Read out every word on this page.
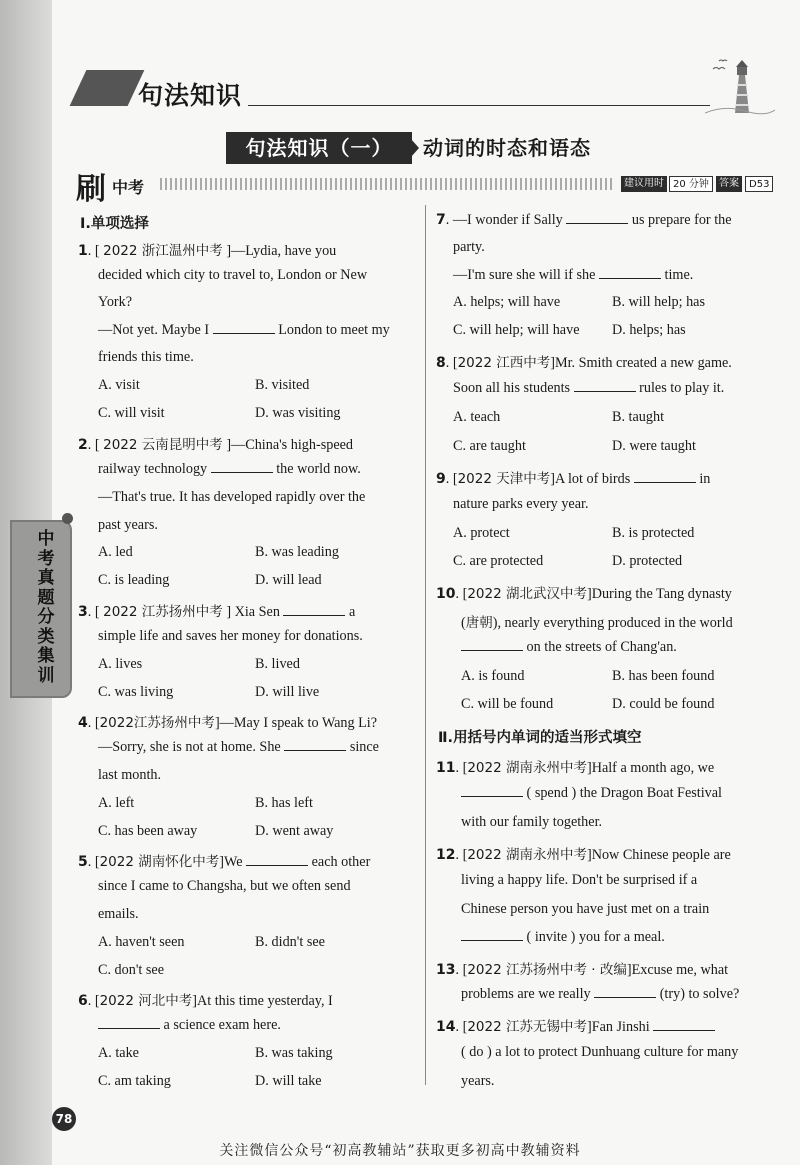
中考真题分类集训
句法知识
句法知识（一）	动词的时态和语态
刷 中考	建议用时 20 分钟	答案	D53
Ⅰ.单项选择
1. [ 2022 浙江温州中考 ]—Lydia, have you
decided which city to travel to, London or New
York?
—Not yet. Maybe I	London to meet my
friends this time.
A. visit	B. visited
C. will visit	D. was visiting
2. [ 2022 云南昆明中考 ]—China's high-speed
railway technology	the world now.
—That's true. It has developed rapidly over the
past years.
A. led	B. was leading
C. is leading	D. will lead
3. [ 2022 江苏扬州中考 ] Xia Sen	a
simple life and saves her money for donations.
A. lives	B. lived
C. was living	D. will live
4. [2022江苏扬州中考]—May I speak to Wang Li?
—Sorry, she is not at home. She	since
last month.
A. left	B. has left
C. has been away	D. went away
5. [2022 湖南怀化中考]We	each other
since I came to Changsha, but we often send
emails.
A. haven't seen	B. didn't see
C. don't see
6. [2022 河北中考]At this time yesterday, I
a science exam here.
A. take	B. was taking
C. am taking	D. will take
7. —I wonder if Sally	us prepare for the
party.
—I'm sure she will if she	time.
A. helps; will have	B. will help; has
C. will help; will have D. helps; has
8. [2022 江西中考]Mr. Smith created a new game.
Soon all his students	rules to play it.
A. teach	B. taught
C. are taught	D. were taught
9. [2022 天津中考]A lot of birds	in
nature parks every year.
A. protect	B. is protected
C. are protected	D. protected
10. [2022 湖北武汉中考]During the Tang dynasty
(唐朝), nearly everything produced in the world
on the streets of Chang'an.
A. is found	B. has been found
C. will be found	D. could be found
Ⅱ.用括号内单词的适当形式填空
11. [2022 湖南永州中考]Half a month ago, we
( spend ) the Dragon Boat Festival
with our family together.
12. [2022 湖南永州中考]Now Chinese people are
living a happy life. Don't be surprised if a
Chinese person you have just met on a train
( invite ) you for a meal.
13. [2022 江苏扬州中考 · 改编]Excuse me, what
problems are we really	(try) to solve?
14. [2022 江苏无锡中考]Fan Jinshi
( do ) a lot to protect Dunhuang culture for many
years.
78
关注微信公众号“初高教辅站”获取更多初高中教辅资料
